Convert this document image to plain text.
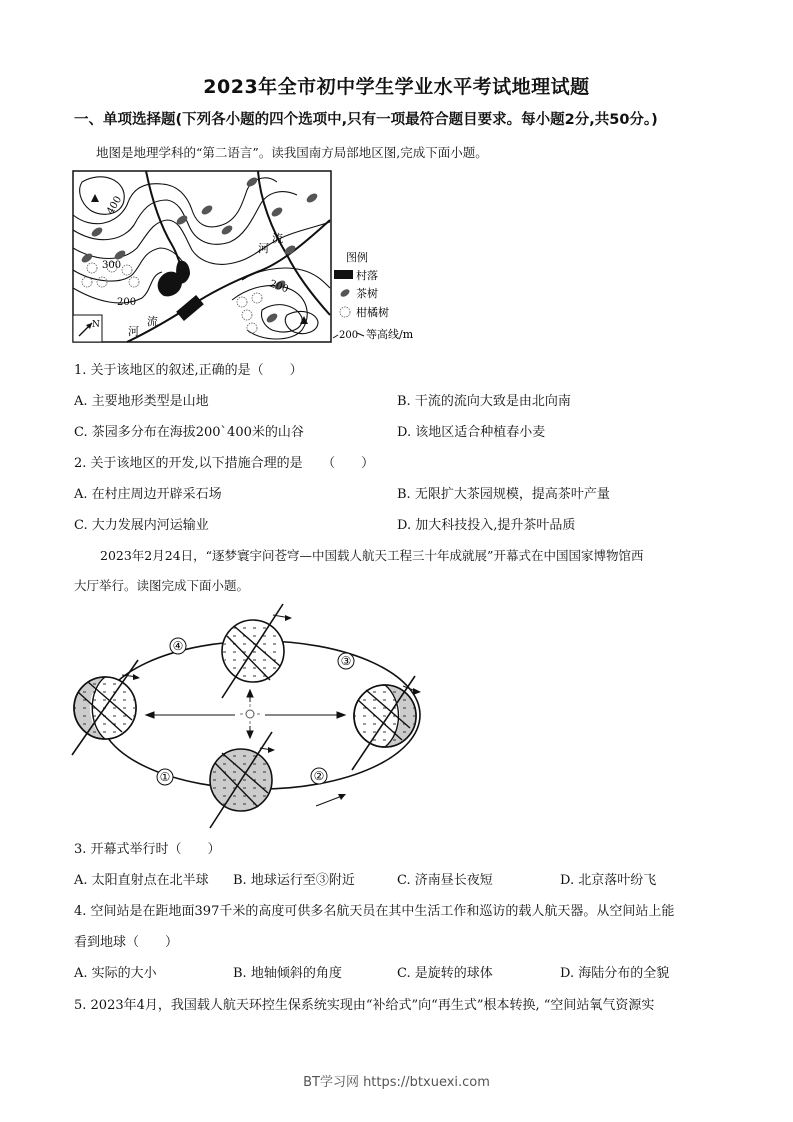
2023年全市初中学生学业水平考试地理试题
一、单项选择题(下列各小题的四个选项中,只有一项最符合题目要求。每小题2分,共50分。)
地图是地理学科的“第二语言”。读我国南方局部地区图,完成下面小题。
400
300
200
200
河
流
河
流
N
图例
村落
茶树
柑橘树
200 等高线/m
1. 关于该地区的叙述,正确的是（　　）
A. 主要地形类型是山地	B. 干流的流向大致是由北向南
C. 茶园多分布在海拔200`400米的山谷	D. 该地区适合种植春小麦
2. 关于该地区的开发,以下措施合理的是　　（　　）
A. 在村庄周边开辟采石场	B. 无限扩大茶园规模，提高茶叶产量
C. 大力发展内河运输业	D. 加大科技投入,提升茶叶品质
2023年2月24日，“逐梦寰宇问苍穹—中国载人航天工程三十年成就展”开幕式在中国国家博物馆西
大厅举行。读图完成下面小题。
①	②
③
④
3. 开幕式举行时（　　）
A. 太阳直射点在北半球 B. 地球运行至③附近	C. 济南昼长夜短	D. 北京落叶纷飞
4. 空间站是在距地面397千米的高度可供多名航天员在其中生活工作和巡访的载人航天器。从空间站上能
看到地球（　　）
A. 实际的大小	B. 地轴倾斜的角度	C. 是旋转的球体	D. 海陆分布的全貌
5. 2023年4月，我国载人航天环控生保系统实现由“补给式”向“再生式”根本转换, “空间站氧气资源实
BT学习网 https://btxuexi.com
